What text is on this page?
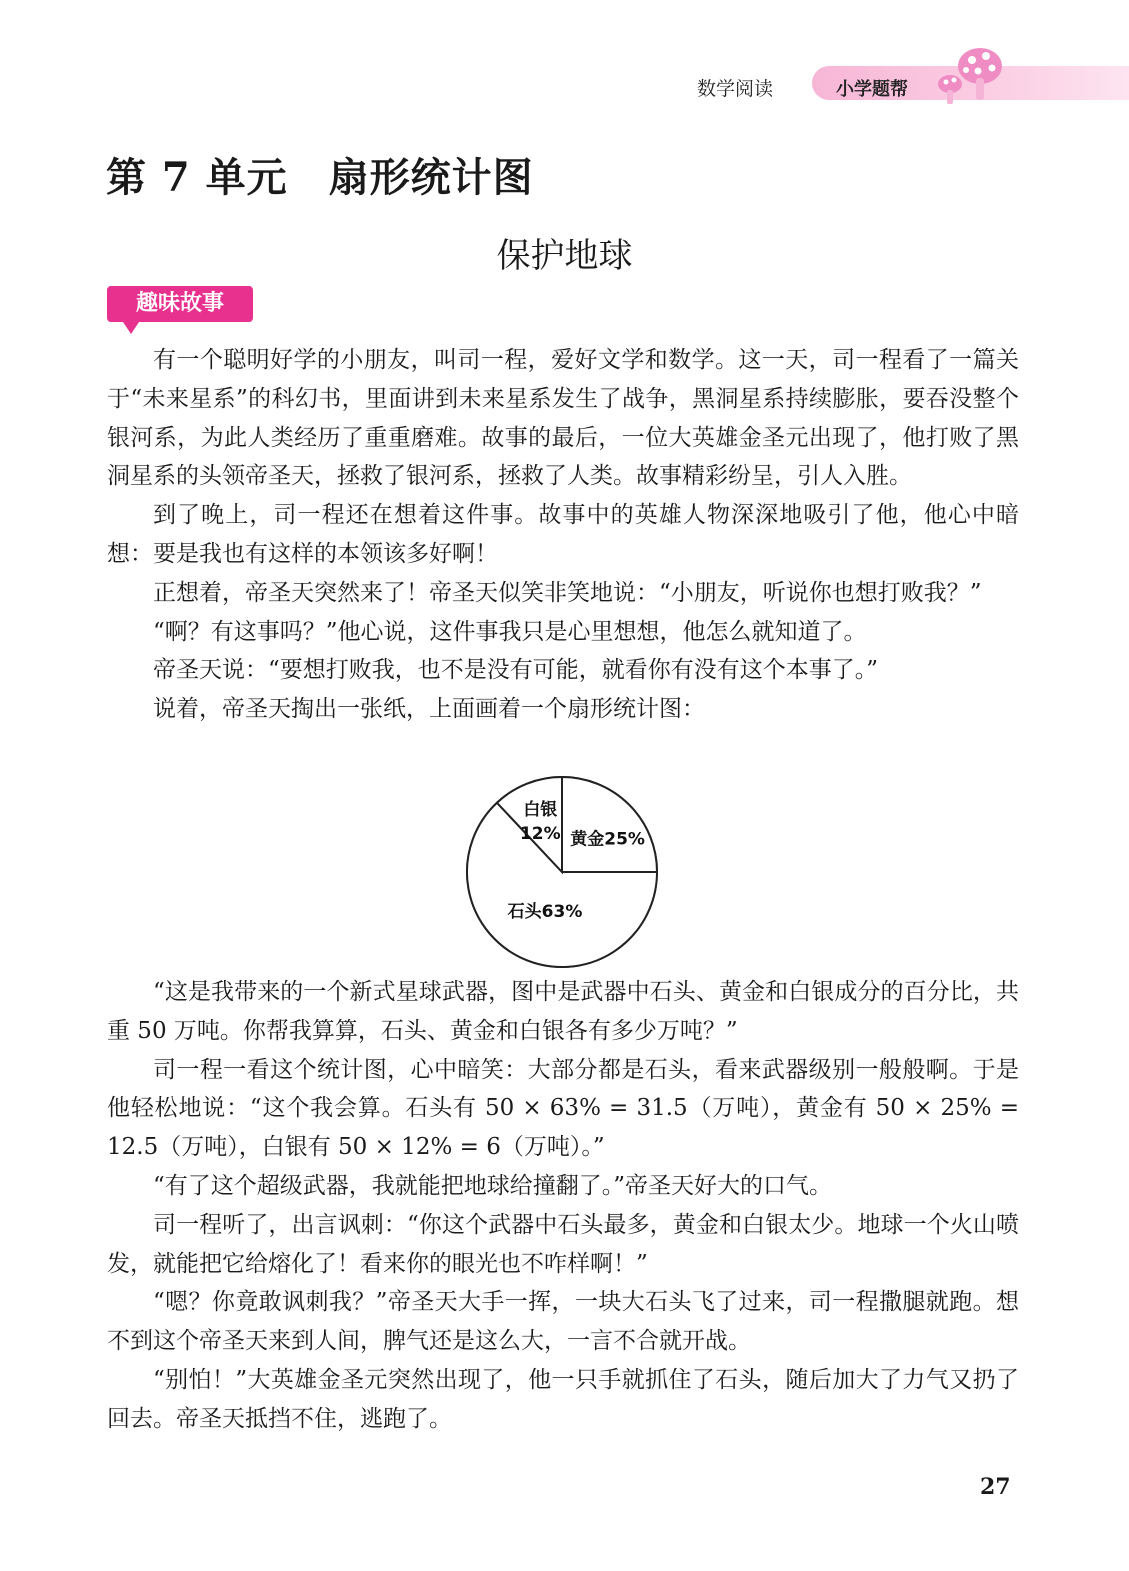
数学阅读	小学题帮
第 7 单元　扇形统计图
保护地球
趣味故事

有一个聪明好学的小朋友，叫司一程，爱好文学和数学。这一天，司一程看了一篇关于“未来星系”的科幻书，里面讲到未来星系发生了战争，黑洞星系持续膨胀，要吞没整个银河系，为此人类经历了重重磨难。故事的最后，一位大英雄金圣元出现了，他打败了黑洞星系的头领帝圣天，拯救了银河系，拯救了人类。故事精彩纷呈，引人入胜。

到了晚上，司一程还在想着这件事。故事中的英雄人物深深地吸引了他，他心中暗想：要是我也有这样的本领该多好啊！

正想着，帝圣天突然来了！帝圣天似笑非笑地说：“小朋友，听说你也想打败我？”

“啊？有这事吗？”他心说，这件事我只是心里想想，他怎么就知道了。

帝圣天说：“要想打败我，也不是没有可能，就看你有没有这个本事了。”

说着，帝圣天掏出一张纸，上面画着一个扇形统计图：

黄金25%
石头63%
白银
12%

“这是我带来的一个新式星球武器，图中是武器中石头、黄金和白银成分的百分比，共重 50 万吨。你帮我算算，石头、黄金和白银各有多少万吨？”

司一程一看这个统计图，心中暗笑：大部分都是石头，看来武器级别一般般啊。于是他轻松地说：“这个我会算。石头有 50 × 63% = 31.5（万吨），黄金有 50 × 25% = 12.5（万吨），白银有 50 × 12% = 6（万吨）。”

“有了这个超级武器，我就能把地球给撞翻了。”帝圣天好大的口气。

司一程听了，出言讽刺：“你这个武器中石头最多，黄金和白银太少。地球一个火山喷发，就能把它给熔化了！看来你的眼光也不咋样啊！”

“嗯？你竟敢讽刺我？”帝圣天大手一挥，一块大石头飞了过来，司一程撒腿就跑。想不到这个帝圣天来到人间，脾气还是这么大，一言不合就开战。

“别怕！”大英雄金圣元突然出现了，他一只手就抓住了石头，随后加大了力气又扔了回去。帝圣天抵挡不住，逃跑了。

27
